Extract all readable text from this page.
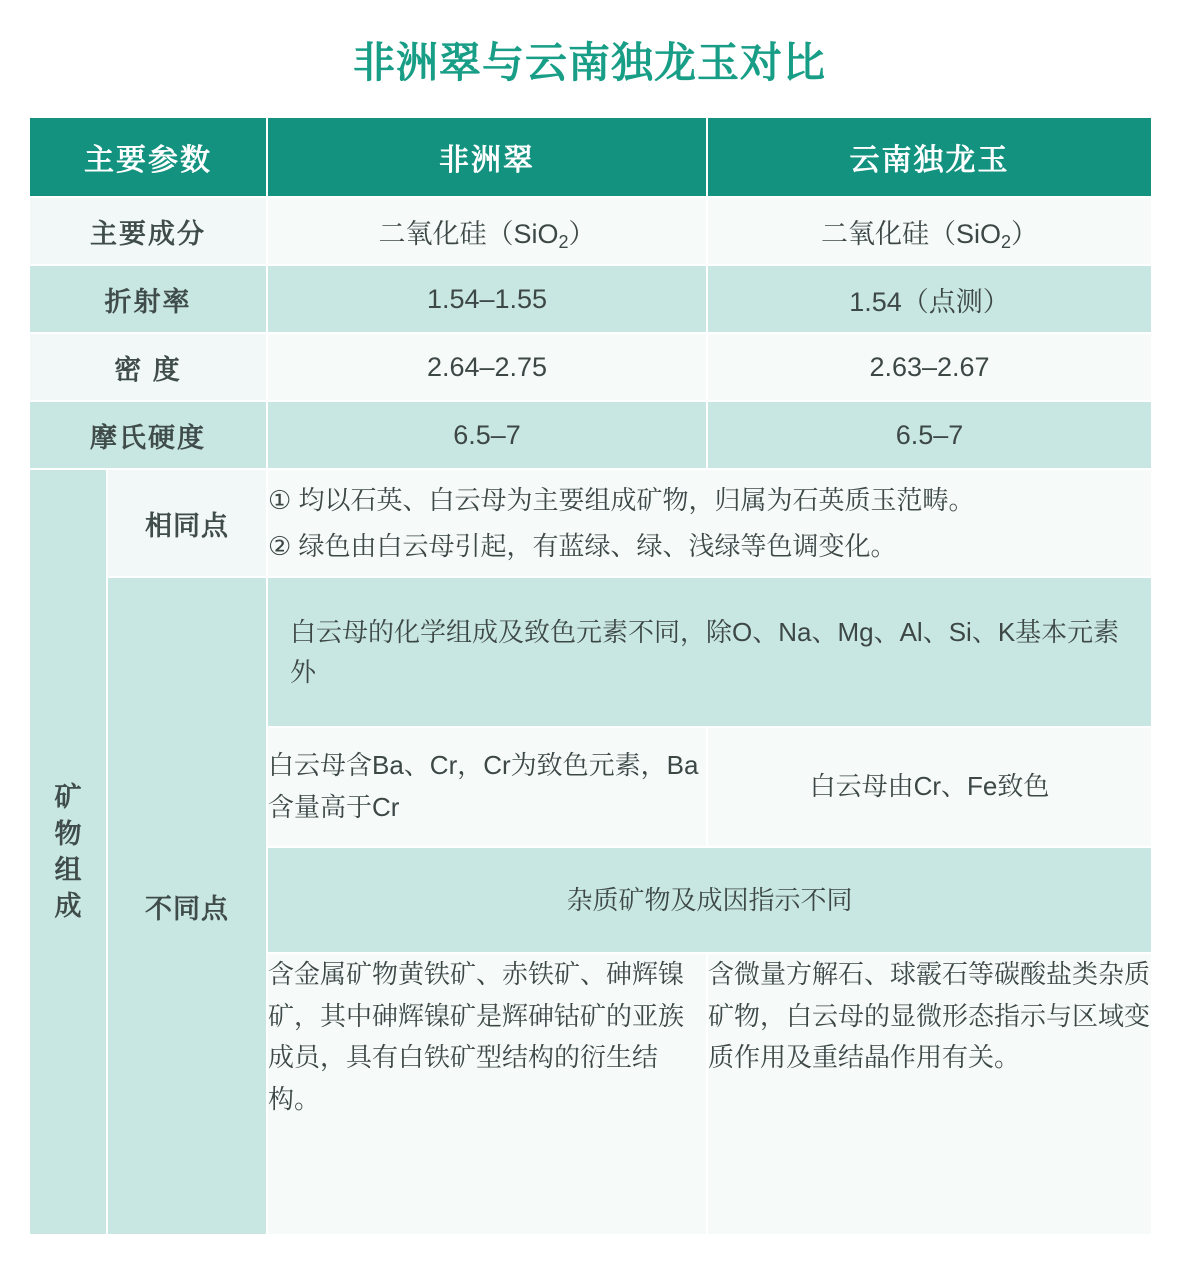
非洲翠与云南独龙玉对比
主要参数		非洲翠	云南独龙玉
主要成分		二氧化硅（SiO$_2$）	二氧化硅（SiO$_2$）
折射率		1.54–1.55	1.54（点测）
密 度		2.64–2.75	2.63–2.67
摩氏硬度		6.5–7	6.5–7
矿物组成	相同点	① 均以石英、白云母为主要组成矿物，归属为石英质玉范畴。

② 绿色由白云母引起，有蓝绿、绿、浅绿等色调变化。	

	不同点	白云母的化学组成及致色元素不同，除O、Na、Mg、Al、Si、K基本元素外	
		白云母含Ba、Cr，Cr为致色元素，Ba含量高于Cr	白云母由Cr、Fe致色
		杂质矿物及成因指示不同	
		含金属矿物黄铁矿、赤铁矿、砷辉镍矿，其中砷辉镍矿是辉砷钴矿的亚族成员，具有白铁矿型结构的衍生结构。	含微量方解石、球霰石等碳酸盐类杂质矿物，白云母的显微形态指示与区域变质作用及重结晶作用有关。
